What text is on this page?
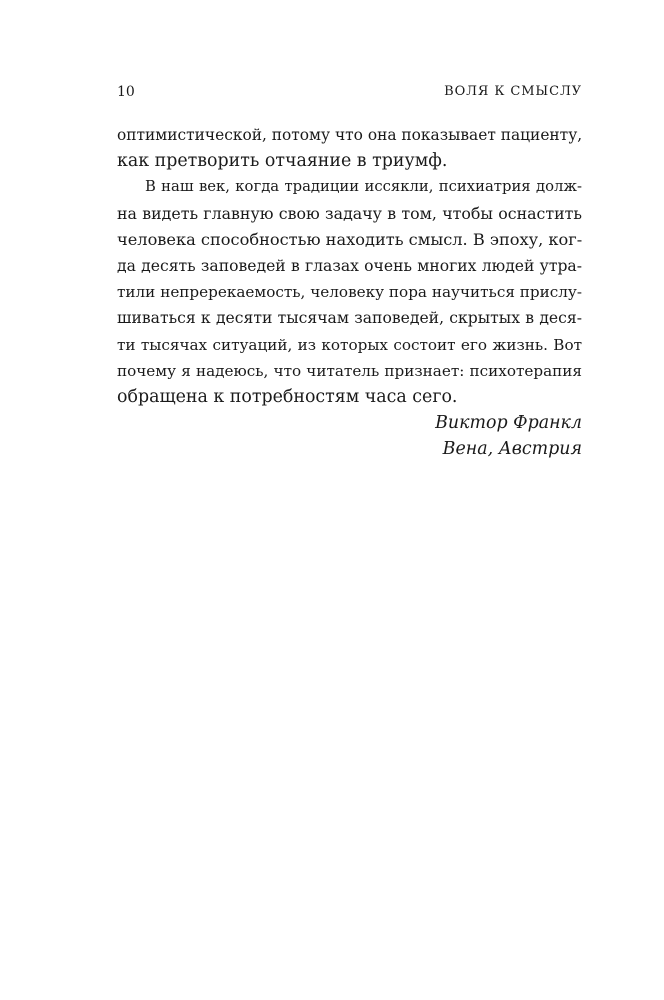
10	ВОЛЯ К СМЫСЛУ
оптимистической, потому что она показывает пациенту,
как претворить отчаяние в триумф.
В наш век, когда традиции иссякли, психиатрия долж-
на видеть главную свою задачу в том, чтобы оснастить
человека способностью находить смысл. В эпоху, ког-
да десять заповедей в глазах очень многих людей утра-
тили непререкаемость, человеку пора научиться прислу-
шиваться к десяти тысячам заповедей, скрытых в деся-
ти тысячах ситуаций, из которых состоит его жизнь. Вот
почему я надеюсь, что читатель признает: психотерапия
обращена к потребностям часа сего.
Виктор Франкл
Вена, Австрия
